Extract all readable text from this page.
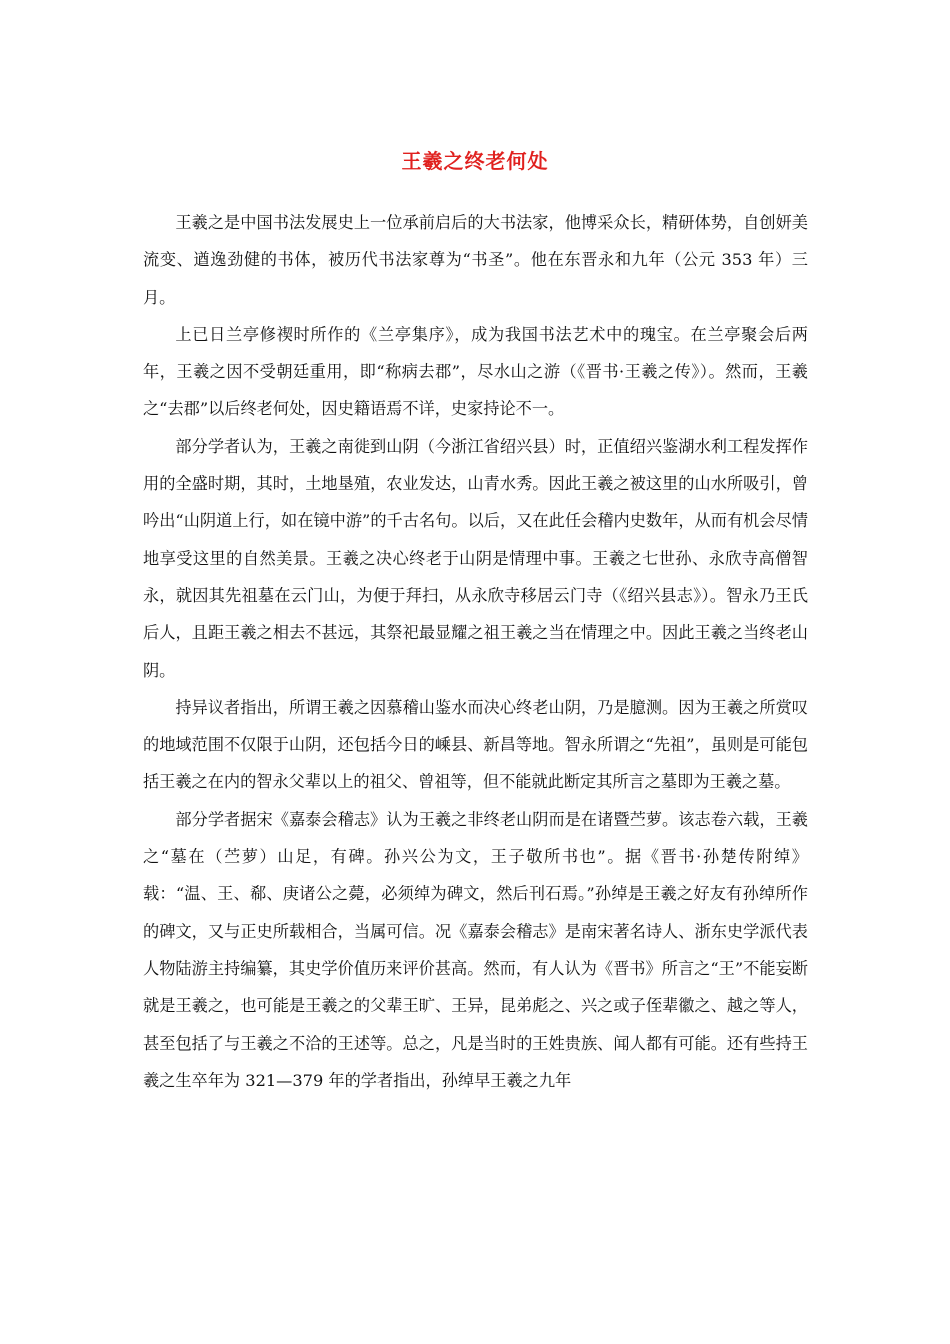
王羲之终老何处

王羲之是中国书法发展史上一位承前启后的大书法家，他博采众长，精研体势，自创妍美流变、遒逸劲健的书体，被历代书法家尊为“书圣”。他在东晋永和九年（公元 353 年）三月。

上已日兰亭修禊时所作的《兰亭集序》，成为我国书法艺术中的瑰宝。在兰亭聚会后两年，王羲之因不受朝廷重用，即“称病去郡”，尽水山之游（《晋书·王羲之传》）。然而，王羲之“去郡”以后终老何处，因史籍语焉不详，史家持论不一。

部分学者认为，王羲之南徙到山阴（今浙江省绍兴县）时，正值绍兴鉴湖水利工程发挥作用的全盛时期，其时，土地垦殖，农业发达，山青水秀。因此王羲之被这里的山水所吸引，曾吟出“山阴道上行，如在镜中游”的千古名句。以后，又在此任会稽内史数年，从而有机会尽情地享受这里的自然美景。王羲之决心终老于山阴是情理中事。王羲之七世孙、永欣寺高僧智永，就因其先祖墓在云门山，为便于拜扫，从永欣寺移居云门寺（《绍兴县志》）。智永乃王氏后人，且距王羲之相去不甚远，其祭祀最显耀之祖王羲之当在情理之中。因此王羲之当终老山阴。

持异议者指出，所谓王羲之因慕稽山鉴水而决心终老山阴，乃是臆测。因为王羲之所赏叹的地域范围不仅限于山阴，还包括今日的嵊县、新昌等地。智永所谓之“先祖”，虽则是可能包括王羲之在内的智永父辈以上的祖父、曾祖等，但不能就此断定其所言之墓即为王羲之墓。

部分学者据宋《嘉泰会稽志》认为王羲之非终老山阴而是在诸暨苎萝。该志卷六载，王羲之“墓在（苎萝）山足，有碑。孙兴公为文，王子敬所书也”。据《晋书·孙楚传附绰》载：“温、王、郗、庚诸公之薨，必须绰为碑文，然后刊石焉。”孙绰是王羲之好友有孙绰所作的碑文，又与正史所载相合，当属可信。况《嘉泰会稽志》是南宋著名诗人、浙东史学派代表人物陆游主持编纂，其史学价值历来评价甚高。然而，有人认为《晋书》所言之“王”不能妄断就是王羲之，也可能是王羲之的父辈王旷、王异，昆弟彪之、兴之或子侄辈徽之、越之等人，甚至包括了与王羲之不洽的王述等。总之，凡是当时的王姓贵族、闻人都有可能。还有些持王羲之生卒年为 321—379 年的学者指出，孙绰早王羲之九年
